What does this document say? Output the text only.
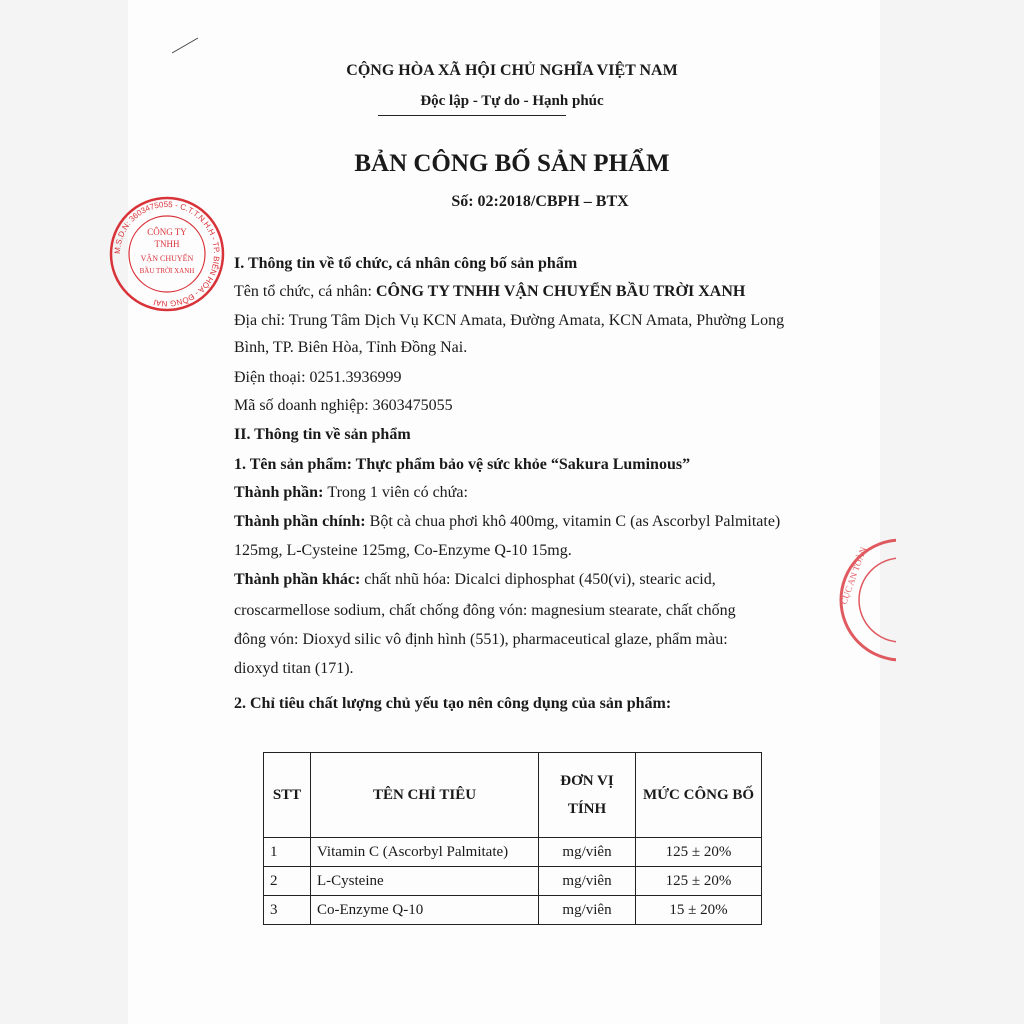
CỘNG HÒA XÃ HỘI CHỦ NGHĨA VIỆT NAM
Độc lập - Tự do - Hạnh phúc
BẢN CÔNG BỐ SẢN PHẨM
Số: 02:2018/CBPH – BTX
I. Thông tin về tổ chức, cá nhân công bố sản phẩm
Tên tổ chức, cá nhân: CÔNG TY TNHH VẬN CHUYỂN BẦU TRỜI XANH
Địa chỉ: Trung Tâm Dịch Vụ KCN Amata, Đường Amata, KCN Amata, Phường Long
Bình, TP. Biên Hòa, Tỉnh Đồng Nai.
Điện thoại: 0251.3936999
Mã số doanh nghiệp: 3603475055
II. Thông tin về sản phẩm
1. Tên sản phẩm: Thực phẩm bảo vệ sức khỏe “Sakura Luminous”
Thành phần: Trong 1 viên có chứa:
Thành phần chính: Bột cà chua phơi khô 400mg, vitamin C (as Ascorbyl Palmitate)
125mg, L-Cysteine 125mg, Co-Enzyme Q-10 15mg.
Thành phần khác: chất nhũ hóa: Dicalci diphosphat (450(vi), stearic acid,
croscarmellose sodium, chất chống đông vón: magnesium stearate, chất chống
đông vón: Dioxyd silic vô định hình (551), pharmaceutical glaze, phẩm màu:
dioxyd titan (171).
2. Chỉ tiêu chất lượng chủ yếu tạo nên công dụng của sản phẩm:
STT	TÊN CHỈ TIÊU	ĐƠN VỊ TÍNH	MỨC CÔNG BỐ
1	Vitamin C (Ascorbyl Palmitate)	mg/viên	125 ± 20%
2	L-Cysteine	mg/viên	125 ± 20%
3	Co-Enzyme Q-10	mg/viên	15 ± 20%
M.S.D.N: 3603475055 - C.T.T.N.H.H - TP. BIÊN HÒA - ĐỒNG NAI
CÔNG TY
TNHH
VẬN CHUYỂN
BẦU TRỜI XANH
CỤC AN TOÀN
